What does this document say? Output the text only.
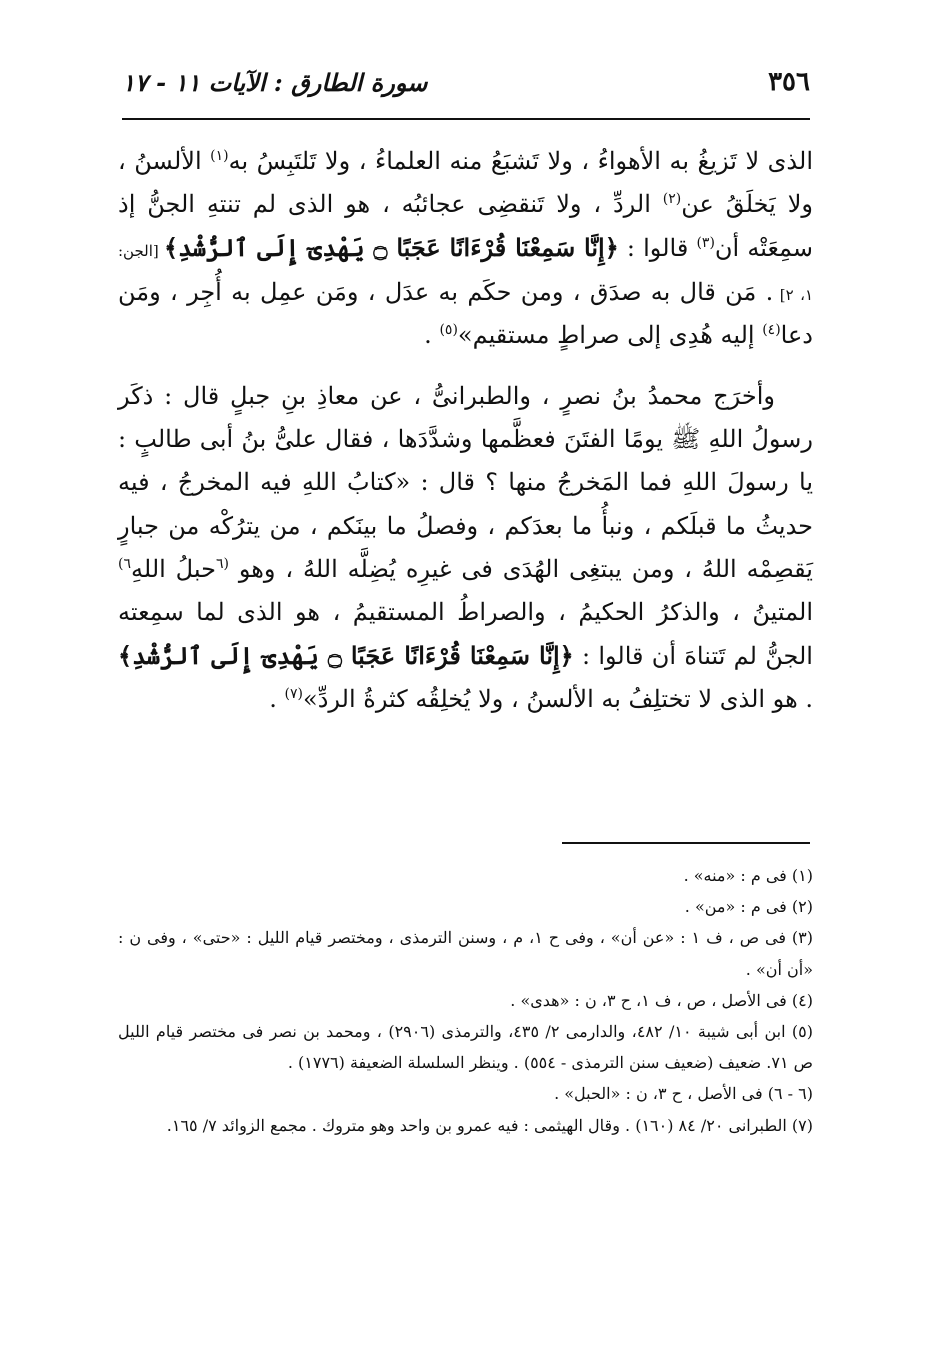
٣٥٦
سورة الطارق : الآيات ١١ - ١٧

الذى لا تَزيغُ به الأهواءُ ، ولا تَشبَعُ منه العلماءُ ، ولا تَلتَبِسُ به$^{(١)}$ الألسنُ ، ولا يَخلَقُ عن$^{(٢)}$ الردِّ ، ولا تَنقضِى عجائبُه ، هو الذى لم تنتهِ الجنُّ إذ سمِعَتْه أن$^{(٣)}$ قالوا : ﴿إِنَّا سَمِعْنَا قُرْءَانًا عَجَبًا ۝ يَهْدِىٓ إِلَى ٱلرُّشْدِ﴾ [الجن: ١، ٢] . مَن قال به صدَق ، ومن حكَم به عدَل ، ومَن عمِل به أُجِر ، ومَن دعا$^{(٤)}$ إليه هُدِى إلى صراطٍ مستقيم»$^{(٥)}$ .

وأخرَج محمدُ بنُ نصرٍ ، والطبرانىُّ ، عن معاذِ بنِ جبلٍ قال : ذكَر رسولُ اللهِ ﷺ يومًا الفتَنَ فعظَّمها وشدَّدَها ، فقال علىُّ بنُ أبى طالبٍ : يا رسولَ اللهِ فما المَخرجُ منها ؟ قال : «كتابُ اللهِ فيه المخرجُ ، فيه حديثُ ما قبلَكم ، ونبأُ ما بعدَكم ، وفصلُ ما بينَكم ، من يترُكْه من جبارٍ يَقصِمْه اللهُ ، ومن يبتغِى الهُدَى فى غيرِه يُضِلَّه اللهُ ، وهو $^{(٦}$حبلُ اللهِ$^{٦)}$ المتينُ ، والذكرُ الحكيمُ ، والصراطُ المستقيمُ ، هو الذى لما سمِعته الجنُّ لم تَتناهَ أن قالوا : ﴿إِنَّا سَمِعْنَا قُرْءَانًا عَجَبًا ۝ يَهْدِىٓ إِلَى ٱلرُّشْدِ﴾ . هو الذى لا تختلِفُ به الألسنُ ، ولا يُخلِقُه كثرةُ الردِّ»$^{(٧)}$ .

(١) فى م : «منه» .

(٢) فى م : «من» .

(٣) فى ص ، ف ١ : «عن أن» ، وفى ح ١، م ، وسنن الترمذى ، ومختصر قيام الليل : «حتى» ، وفى ن : «أن أن» .

(٤) فى الأصل ، ص ، ف ١، ح ٣، ن : «هدى» .

(٥) ابن أبى شيبة ١٠/ ٤٨٢، والدارمى ٢/ ٤٣٥، والترمذى (٢٩٠٦) ، ومحمد بن نصر فى مختصر قيام الليل ص ٧١. ضعيف (ضعيف سنن الترمذى - ٥٥٤) . وينظر السلسلة الضعيفة (١٧٧٦) .

(٦ - ٦) فى الأصل ، ح ٣، ن : «الحبل» .

(٧) الطبرانى ٢٠/ ٨٤ (١٦٠) . وقال الهيثمى : فيه عمرو بن واحد وهو متروك . مجمع الزوائد ٧/ ١٦٥.
